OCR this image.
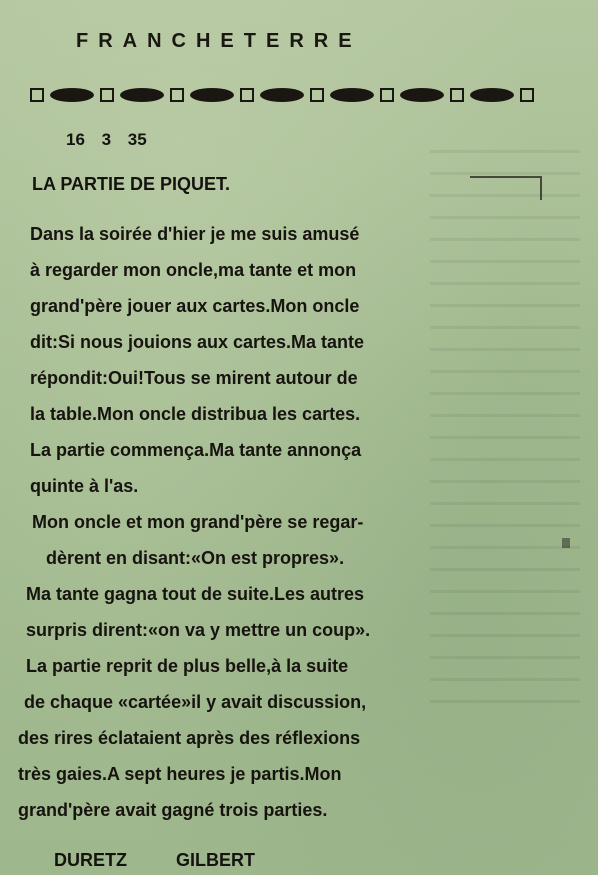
FRANCHETERRE
16 3 35
LA PARTIE DE PIQUET.
Dans la soirée d'hier je me suis amusé
à regarder mon oncle,ma tante et mon
grand'père jouer aux cartes.Mon oncle
dit:Si nous jouions aux cartes.Ma tante
répondit:Oui!Tous se mirent autour de
la table.Mon oncle distribua les cartes.
La partie commença.Ma tante annonça
quinte à l'as.
Mon oncle et mon grand'père se regar-
dèrent en disant:«On est propres».
Ma tante gagna tout de suite.Les autres
surpris dirent:«on va y mettre un coup».
La partie reprit de plus belle,à la suite
de chaque «cartée»il y avait discussion,
des rires éclataient après des réflexions
très gaies.A sept heures je partis.Mon
grand'père avait gagné trois parties.
DURETZ GILBERT
